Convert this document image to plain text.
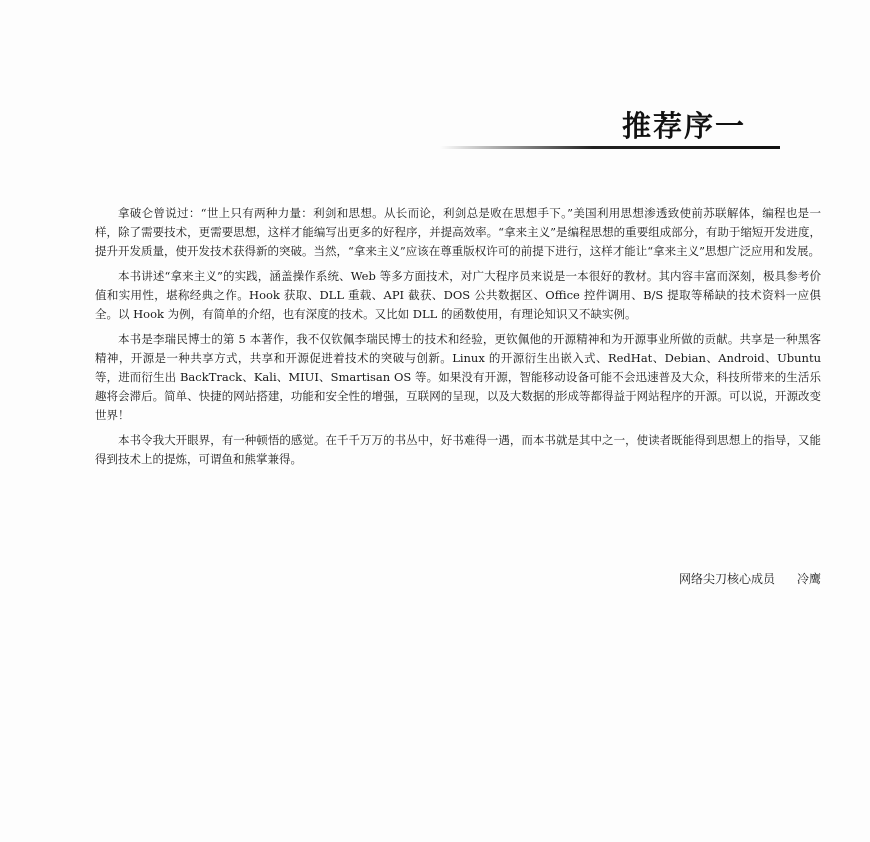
推荐序一

拿破仑曾说过：“世上只有两种力量：利剑和思想。从长而论，利剑总是败在思想手下。”美国利用思想渗透致使前苏联解体，编程也是一样，除了需要技术，更需要思想，这样才能编写出更多的好程序，并提高效率。“拿来主义”是编程思想的重要组成部分，有助于缩短开发进度，提升开发质量，使开发技术获得新的突破。当然，“拿来主义”应该在尊重版权许可的前提下进行，这样才能让“拿来主义”思想广泛应用和发展。

本书讲述“拿来主义”的实践，涵盖操作系统、Web 等多方面技术，对广大程序员来说是一本很好的教材。其内容丰富而深刻，极具参考价值和实用性，堪称经典之作。Hook 获取、DLL 重载、API 截获、DOS 公共数据区、Office 控件调用、B/S 提取等稀缺的技术资料一应俱全。以 Hook 为例，有简单的介绍，也有深度的技术。又比如 DLL 的函数使用，有理论知识又不缺实例。

本书是李瑞民博士的第 5 本著作，我不仅钦佩李瑞民博士的技术和经验，更钦佩他的开源精神和为开源事业所做的贡献。共享是一种黑客精神，开源是一种共享方式，共享和开源促进着技术的突破与创新。Linux 的开源衍生出嵌入式、RedHat、Debian、Android、Ubuntu 等，进而衍生出 BackTrack、Kali、MIUI、Smartisan OS 等。如果没有开源，智能移动设备可能不会迅速普及大众，科技所带来的生活乐趣将会滞后。简单、快捷的网站搭建，功能和安全性的增强，互联网的呈现，以及大数据的形成等都得益于网站程序的开源。可以说，开源改变世界！

本书令我大开眼界，有一种顿悟的感觉。在千千万万的书丛中，好书难得一遇，而本书就是其中之一，使读者既能得到思想上的指导，又能得到技术上的提炼，可谓鱼和熊掌兼得。

网络尖刀核心成员 冷鹰
